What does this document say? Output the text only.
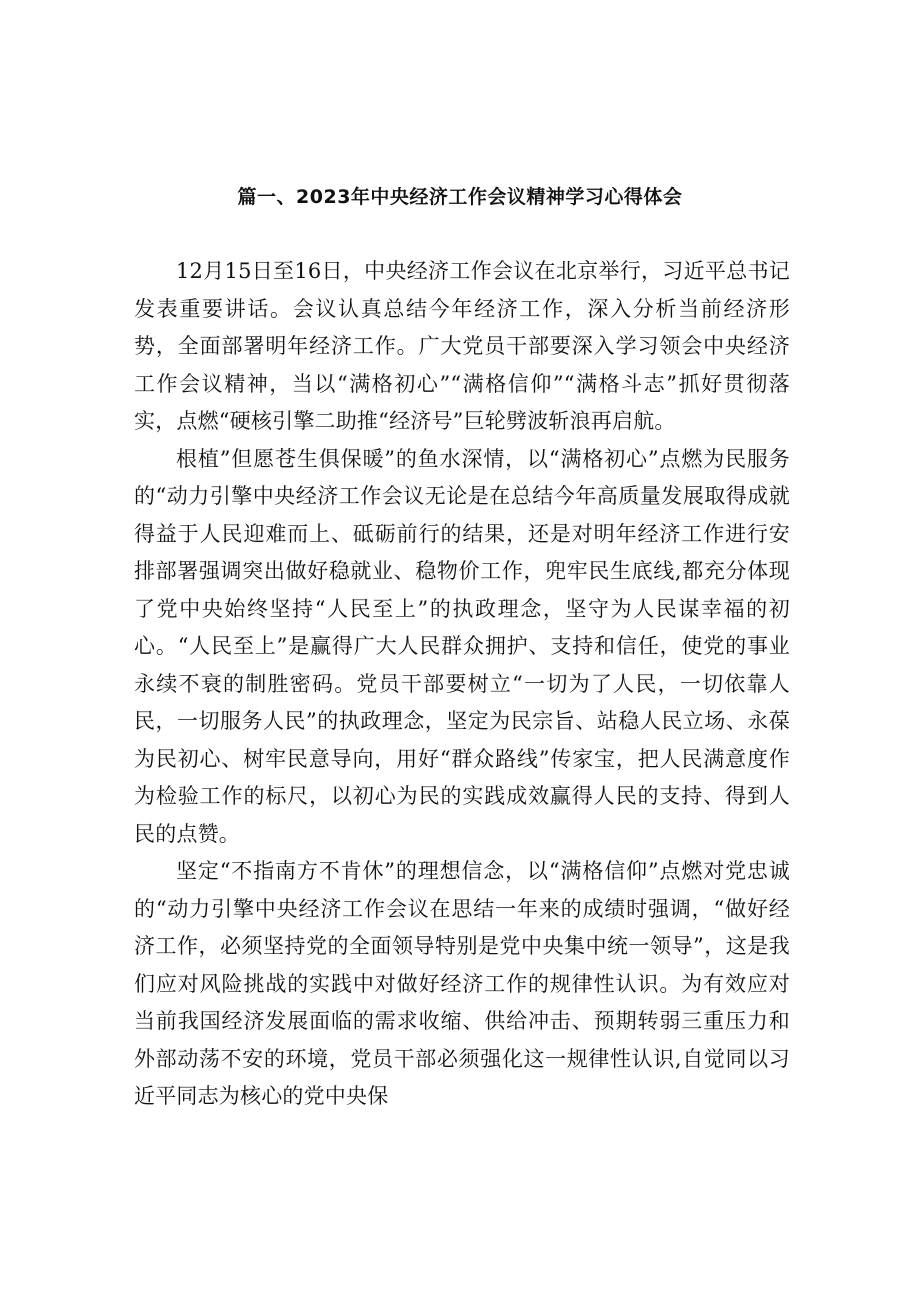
篇一、2023年中央经济工作会议精神学习心得体会

12月15日至16日，中央经济工作会议在北京举行，习近平总书记发表重要讲话。会议认真总结今年经济工作，深入分析当前经济形势，全面部署明年经济工作。广大党员干部要深入学习领会中央经济工作会议精神，当以“满格初心”“满格信仰”“满格斗志”抓好贯彻落实，点燃“硬核引擎二助推“经济号”巨轮劈波斩浪再启航。

根植”但愿苍生俱保暖”的鱼水深情，以“满格初心”点燃为民服务的“动力引擎中央经济工作会议无论是在总结今年高质量发展取得成就得益于人民迎难而上、砥砺前行的结果，还是对明年经济工作进行安排部署强调突出做好稳就业、稳物价工作，兜牢民生底线,都充分体现了党中央始终坚持“人民至上”的执政理念，坚守为人民谋幸福的初心。“人民至上”是赢得广大人民群众拥护、支持和信任，使党的事业永续不衰的制胜密码。党员干部要树立“一切为了人民，一切依靠人民，一切服务人民”的执政理念，坚定为民宗旨、站稳人民立场、永葆为民初心、树牢民意导向，用好“群众路线”传家宝，把人民满意度作为检验工作的标尺，以初心为民的实践成效赢得人民的支持、得到人民的点赞。

坚定“不指南方不肯休”的理想信念，以“满格信仰”点燃对党忠诚的“动力引擎中央经济工作会议在思结一年来的成绩时强调，“做好经济工作，必须坚持党的全面领导特别是党中央集中统一领导”，这是我们应对风险挑战的实践中对做好经济工作的规律性认识。为有效应对当前我国经济发展面临的需求收缩、供给冲击、预期转弱三重压力和外部动荡不安的环境，党员干部必须强化这一规律性认识,自觉同以习近平同志为核心的党中央保
